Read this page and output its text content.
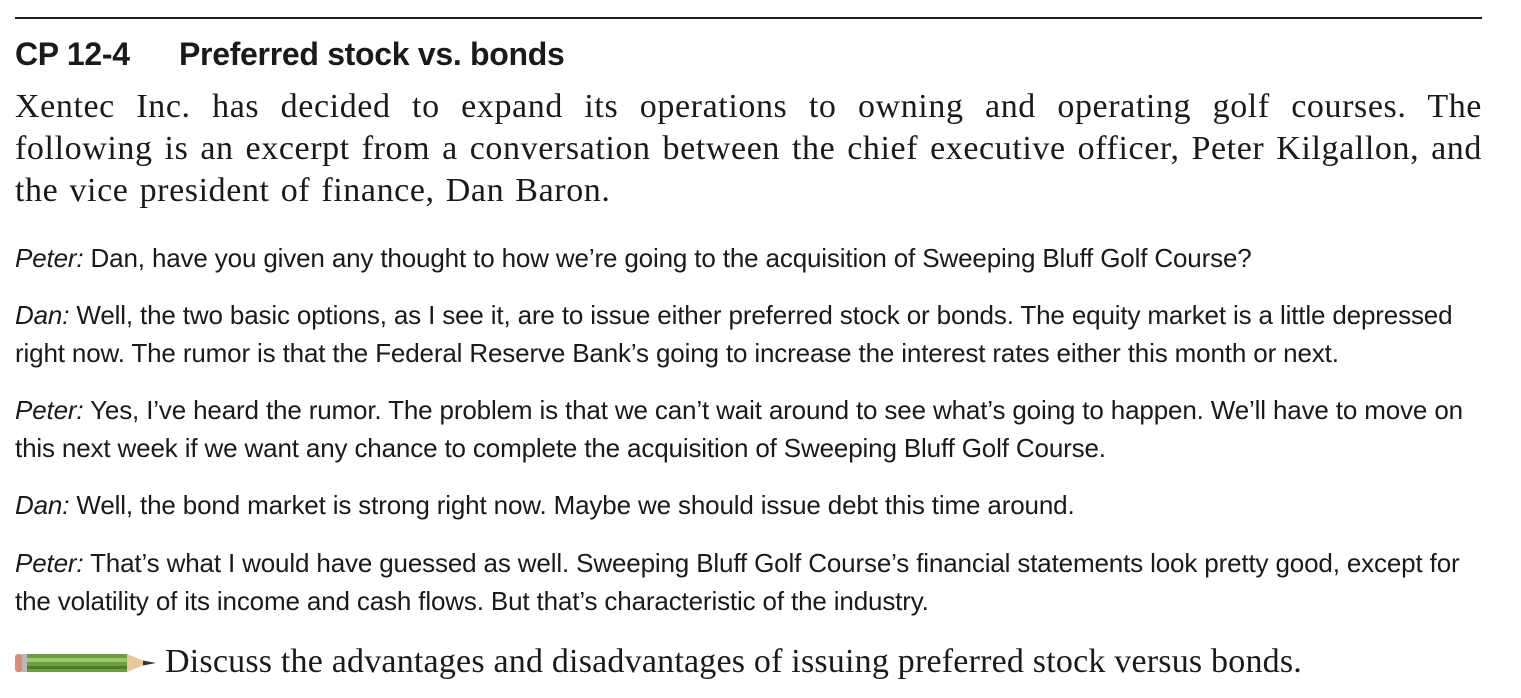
CP 12-4 Preferred stock vs. bonds
Xentec Inc. has decided to expand its operations to owning and operating golf courses. The following is an excerpt from a conversation between the chief executive officer, Peter Kilgallon, and the vice president of finance, Dan Baron.
Peter: Dan, have you given any thought to how we’re going to the acquisition of Sweeping Bluff Golf Course?
Dan: Well, the two basic options, as I see it, are to issue either preferred stock or bonds. The equity market is a little depressed right now. The rumor is that the Federal Reserve Bank’s going to increase the interest rates either this month or next.
Peter: Yes, I’ve heard the rumor. The problem is that we can’t wait around to see what’s going to happen. We’ll have to move on this next week if we want any chance to complete the acquisition of Sweeping Bluff Golf Course.
Dan: Well, the bond market is strong right now. Maybe we should issue debt this time around.
Peter: That’s what I would have guessed as well. Sweeping Bluff Golf Course’s financial statements look pretty good, except for the volatility of its income and cash flows. But that’s characteristic of the industry.
Discuss the advantages and disadvantages of issuing preferred stock versus bonds.
